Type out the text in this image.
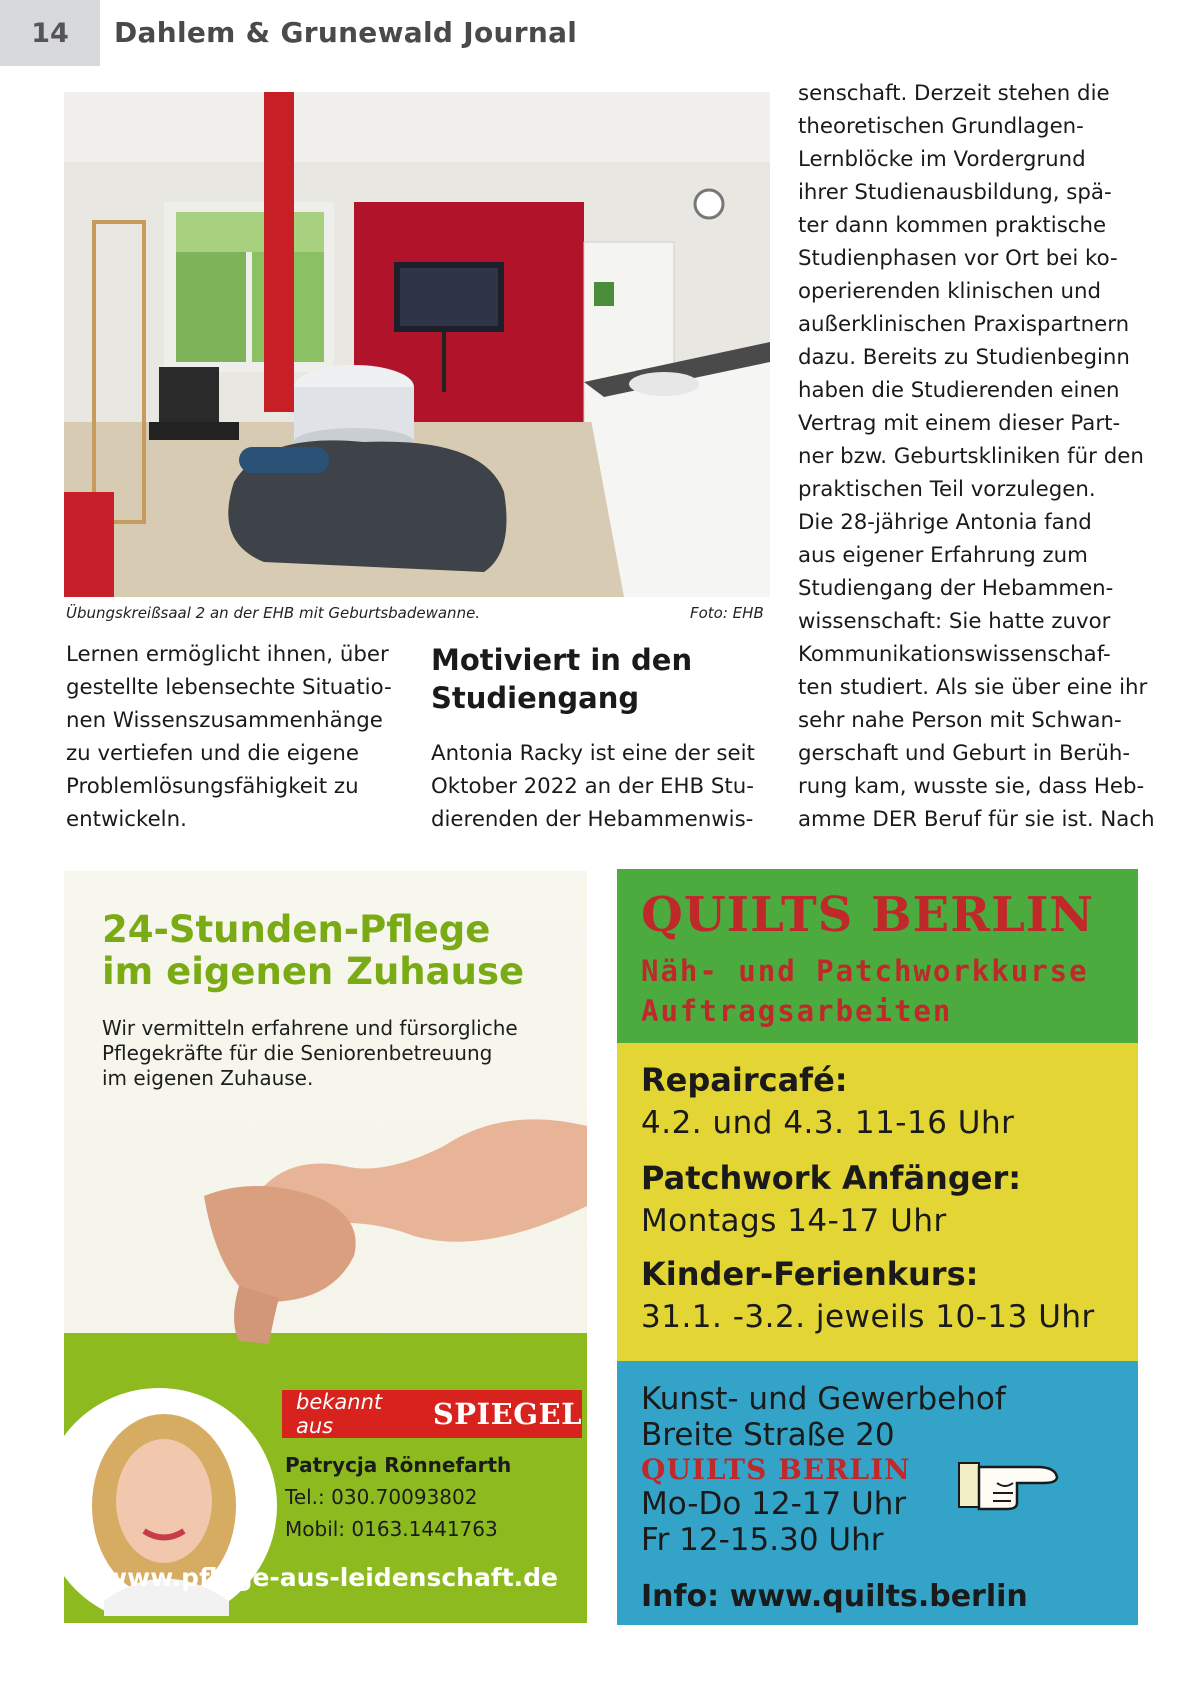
14	Dahlem & Grunewald Journal
Übungskreißsaal 2 an der EHB mit Geburtsbadewanne.	Foto: EHB
Lernen ermöglicht ihnen, über
gestellte lebensechte Situatio-
nen Wissenszusammenhänge
zu vertiefen und die eigene
Problemlösungsfähigkeit zu
entwickeln.
Motiviert in den
Studiengang
Antonia Racky ist eine der seit
Oktober 2022 an der EHB Stu-
dierenden der Hebammenwis-
senschaft. Derzeit stehen die
theoretischen Grundlagen-
Lernblöcke im Vordergrund
ihrer Studienausbildung, spä-
ter dann kommen praktische
Studienphasen vor Ort bei ko-
operierenden klinischen und
außerklinischen Praxispartnern
dazu. Bereits zu Studienbeginn
haben die Studierenden einen
Vertrag mit einem dieser Part-
ner bzw. Geburtskliniken für den
praktischen Teil vorzulegen.
Die 28-jährige Antonia fand
aus eigener Erfahrung zum
Studiengang der Hebammen-
wissenschaft: Sie hatte zuvor
Kommunikationswissenschaf-
ten studiert. Als sie über eine ihr
sehr nahe Person mit Schwan-
gerschaft und Geburt in Berüh-
rung kam, wusste sie, dass Heb-
amme DER Beruf für sie ist. Nach
24-Stunden-Pflege
im eigenen Zuhause
Wir vermitteln erfahrene und fürsorgliche
Pflegekräfte für die Seniorenbetreuung
im eigenen Zuhause.
bekannt aus	SPIEGEL
Patrycja Rönnefarth
Tel.: 030.70093802
Mobil: 0163.1441763
www.pflege-aus-leidenschaft.de
QUILTS BERLIN
Näh- und Patchworkkurse
Auftragsarbeiten
Repaircafé:
4.2. und 4.3. 11-16 Uhr
Patchwork Anfänger:
Montags 14-17 Uhr
Kinder-Ferienkurs:
31.1. -3.2. jeweils 10-13 Uhr
Kunst- und Gewerbehof
Breite Straße 20
QUILTS BERLIN
Mo-Do 12-17 Uhr
Fr 12-15.30 Uhr
Info: www.quilts.berlin
